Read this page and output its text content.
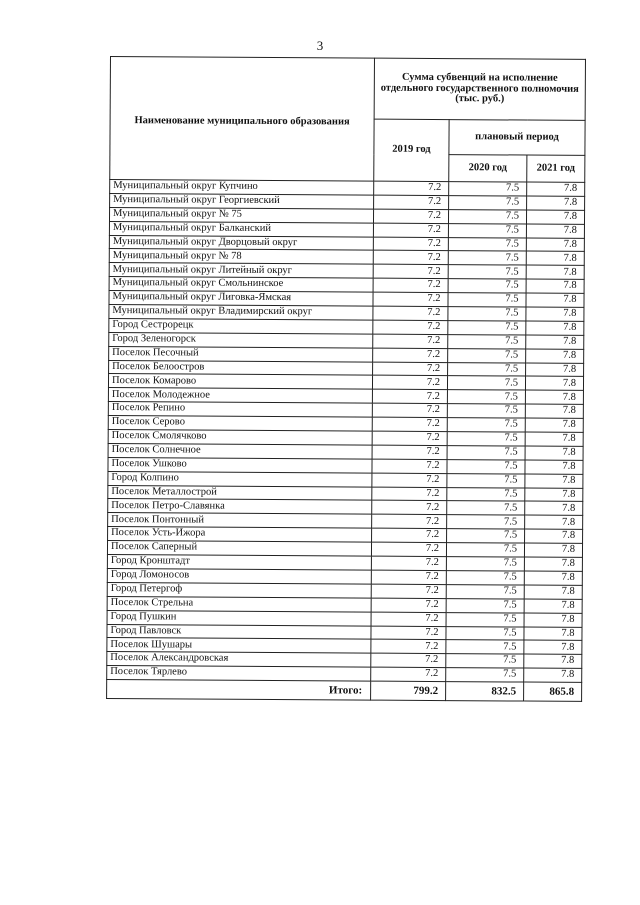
3
Наименование муниципального образования	Сумма субвенций на исполнение отдельного государственного полномочия (тыс. руб.)		
	2019 год	плановый период	
		2020 год	2021 год
Муниципальный округ Купчино	7.2	7.5	7.8
Муниципальный округ Георгиевский	7.2	7.5	7.8
Муниципальный округ № 75	7.2	7.5	7.8
Муниципальный округ Балканский	7.2	7.5	7.8
Муниципальный округ Дворцовый округ	7.2	7.5	7.8
Муниципальный округ № 78	7.2	7.5	7.8
Муниципальный округ Литейный округ	7.2	7.5	7.8
Муниципальный округ Смольнинское	7.2	7.5	7.8
Муниципальный округ Лиговка-Ямская	7.2	7.5	7.8
Муниципальный округ Владимирский округ	7.2	7.5	7.8
Город Сестрорецк	7.2	7.5	7.8
Город Зеленогорск	7.2	7.5	7.8
Поселок Песочный	7.2	7.5	7.8
Поселок Белоостров	7.2	7.5	7.8
Поселок Комарово	7.2	7.5	7.8
Поселок Молодежное	7.2	7.5	7.8
Поселок Репино	7.2	7.5	7.8
Поселок Серово	7.2	7.5	7.8
Поселок Смолячково	7.2	7.5	7.8
Поселок Солнечное	7.2	7.5	7.8
Поселок Ушково	7.2	7.5	7.8
Город Колпино	7.2	7.5	7.8
Поселок Металлострой	7.2	7.5	7.8
Поселок Петро-Славянка	7.2	7.5	7.8
Поселок Понтонный	7.2	7.5	7.8
Поселок Усть-Ижора	7.2	7.5	7.8
Поселок Саперный	7.2	7.5	7.8
Город Кронштадт	7.2	7.5	7.8
Город Ломоносов	7.2	7.5	7.8
Город Петергоф	7.2	7.5	7.8
Поселок Стрельна	7.2	7.5	7.8
Город Пушкин	7.2	7.5	7.8
Город Павловск	7.2	7.5	7.8
Поселок Шушары	7.2	7.5	7.8
Поселок Александровская	7.2	7.5	7.8
Поселок Тярлево	7.2	7.5	7.8
Итого:	799.2	832.5	865.8
